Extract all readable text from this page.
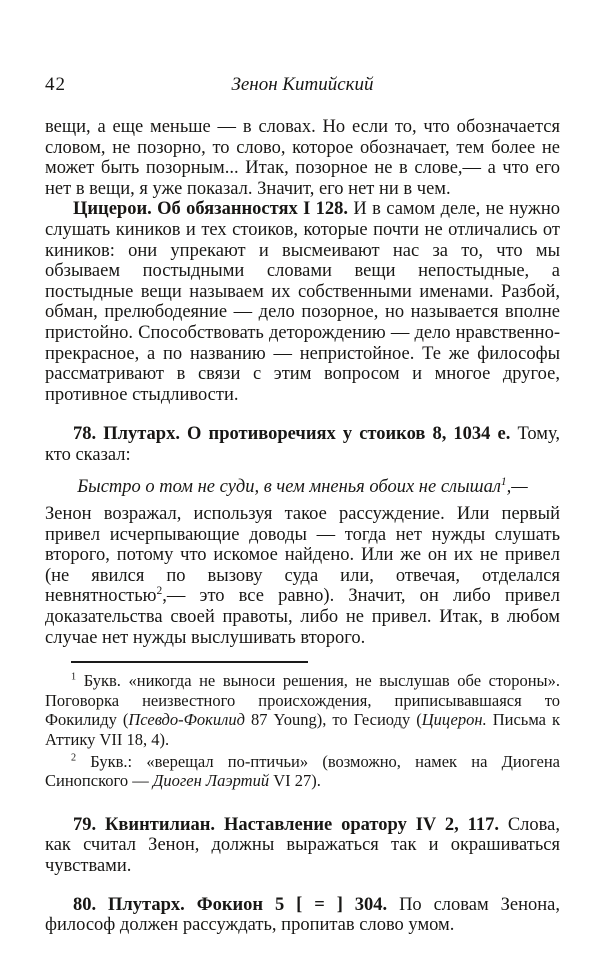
42	Зенон Китийский

вещи, а еще меньше — в словах. Но если то, что обозначается словом, не позорно, то слово, которое обозначает, тем более не может быть позорным... Итак, позорное не в слове,— а что его нет в вещи, я уже показал. Значит, его нет ни в чем.

Цицерои. Об обязанностях I 128. И в самом деле, не нужно слушать киников и тех стоиков, которые почти не отличались от киников: они упрекают и высмеивают нас за то, что мы обзываем постыдными словами вещи непостыдные, а постыдные вещи называем их собственными именами. Разбой, обман, прелюбодеяние — дело позорное, но называется вполне пристойно. Способствовать деторождению — дело нравственно-прекрасное, а по названию — непристойное. Те же философы рассматривают в связи с этим вопросом и многое другое, противное стыдливости.

78. Плутарх. О противоречиях у стоиков 8, 1034 е. Тому, кто сказал:

Быстро о том не суди, в чем мненья обоих не слышал$^1$,—

Зенон возражал, используя такое рассуждение. Или первый привел исчерпывающие доводы — тогда нет нужды слушать второго, потому что искомое найдено. Или же он их не привел (не явился по вызову суда или, отвечая, отделался невнятностью$^2$,— это все равно). Значит, он либо привел доказательства своей правоты, либо не привел. Итак, в любом случае нет нужды выслушивать второго.

$^1$ Букв. «никогда не выноси решения, не выслушав обе стороны». Поговорка неизвестного происхождения, приписывавшаяся то Фокилиду (Псевдо-Фокилид 87 Young), то Гесиоду (Цицерон. Письма к Аттику VII 18, 4).

$^2$ Букв.: «верещал по-птичьи» (возможно, намек на Диогена Синопского — Диоген Лаэртий VI 27).

79. Квинтилиан. Наставление оратору IV 2, 117. Слова, как считал Зенон, должны выражаться так и окрашиваться чувствами.

80. Плутарх. Фокион 5 [ = ] 304. По словам Зенона, философ должен рассуждать, пропитав слово умом.
